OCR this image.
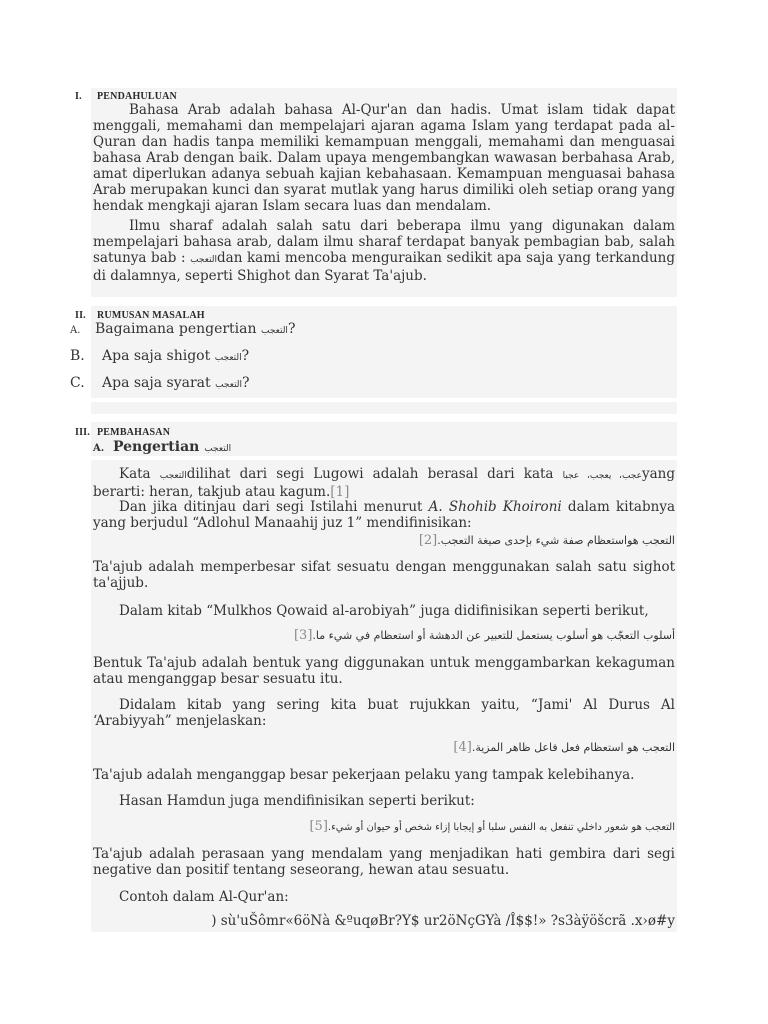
I. PENDAHULUAN

Bahasa Arab adalah bahasa Al-Qur'an dan hadis. Umat islam tidak dapat menggali, memahami dan mempelajari ajaran agama Islam yang terdapat pada al-Quran dan hadis tanpa memiliki kemampuan menggali, memahami dan menguasai bahasa Arab dengan baik. Dalam upaya mengembangkan wawasan berbahasa Arab, amat diperlukan adanya sebuah kajian kebahasaan. Kemampuan menguasai bahasa Arab merupakan kunci dan syarat mutlak yang harus dimiliki oleh setiap orang yang hendak mengkaji ajaran Islam secara luas dan mendalam.

Ilmu sharaf adalah salah satu dari beberapa ilmu yang digunakan dalam mempelajari bahasa arab, dalam ilmu sharaf terdapat banyak pembagian bab, salah satunya bab : التعجبdan kami mencoba menguraikan sedikit apa saja yang terkandung di dalamnya, seperti Shighot dan Syarat Ta'ajub.

II. RUMUSAN MASALAH
A. Bagaimana pengertian التعجب?
B. Apa saja shigot التعجب?
C. Apa saja syarat التعجب?
III. PEMBAHASAN
A. Pengertian التعجب

Kata التعجبdilihat dari segi Lugowi adalah berasal dari kata عجب، يعجب، عجباyang berarti: heran, takjub atau kagum.[1]

Dan jika ditinjau dari segi Istilahi menurut A. Shohib Khoironi dalam kitabnya yang berjudul “Adlohul Manaahij juz 1” mendifinisikan:

التعجب هواستعظام صفة شيء بإحدى صيغة التعجب.[2]

Ta'ajub adalah memperbesar sifat sesuatu dengan menggunakan salah satu sighot ta'ajjub.

Dalam kitab “Mulkhos Qowaid al-arobiyah” juga didifinisikan seperti berikut,

أسلوب التعجّب هو أسلوب يستعمل للتعبير عن الدهشة أو استعظام في شيء ما.[3]

Bentuk Ta'ajub adalah bentuk yang diggunakan untuk menggambarkan kekaguman atau menganggap besar sesuatu itu.

Didalam kitab yang sering kita buat rujukkan yaitu, “Jami' Al Durus Al ‘Arabiyyah” menjelaskan:

التعجب هو استعظام فعل فاعل ظاهر المزية.[4]

Ta'ajub adalah menganggap besar pekerjaan pelaku yang tampak kelebihanya.

Hasan Hamdun juga mendifinisikan seperti berikut:

التعجب هو شعور داخلي تنفعل به النفس سلبا أو إيجابا إزاء شخص أو حيوان أو شيء.[5]

Ta'ajub adalah perasaan yang mendalam yang menjadikan hati gembira dari segi negative dan positif tentang seseorang, hewan atau sesuatu.

Contoh dalam Al-Qur'an:

) sù'uŠômr«6öNà &ºuqøBr?Y$ ur2öNçGYà /Î$$!» ?s3àÿöšcrã .x›ø#y
